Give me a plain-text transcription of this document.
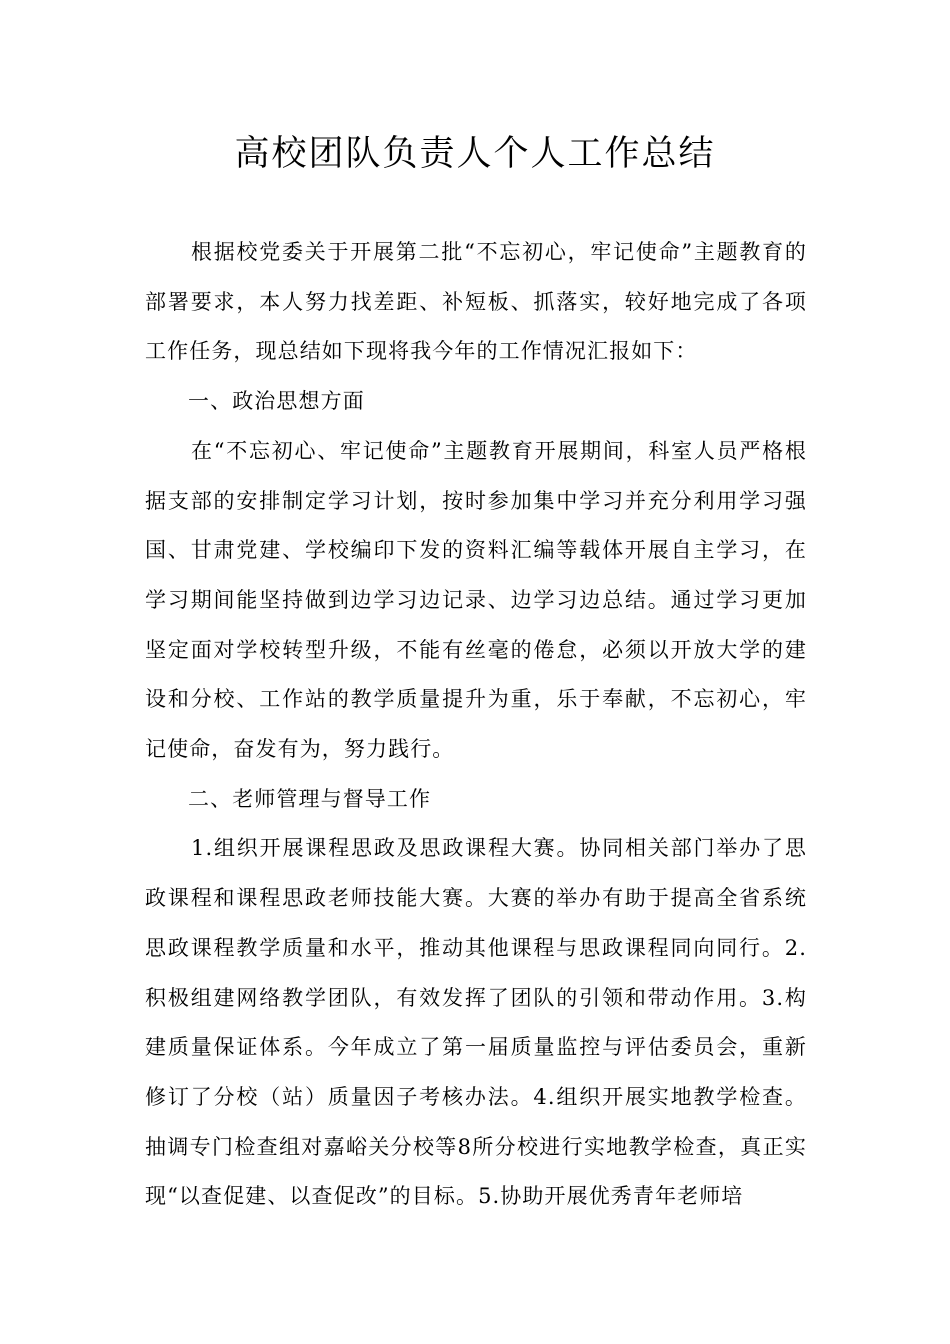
高校团队负责人个人工作总结

根据校党委关于开展第二批“不忘初心，牢记使命”主题教育的部署要求，本人努力找差距、补短板、抓落实，较好地完成了各项工作任务，现总结如下现将我今年的工作情况汇报如下：

一、政治思想方面

在“不忘初心、牢记使命”主题教育开展期间，科室人员严格根据支部的安排制定学习计划，按时参加集中学习并充分利用学习强国、甘肃党建、学校编印下发的资料汇编等载体开展自主学习，在学习期间能坚持做到边学习边记录、边学习边总结。通过学习更加坚定面对学校转型升级，不能有丝毫的倦怠，必须以开放大学的建设和分校、工作站的教学质量提升为重，乐于奉献，不忘初心，牢记使命，奋发有为，努力践行。

二、老师管理与督导工作

1.组织开展课程思政及思政课程大赛。协同相关部门举办了思政课程和课程思政老师技能大赛。大赛的举办有助于提高全省系统思政课程教学质量和水平，推动其他课程与思政课程同向同行。2.积极组建网络教学团队，有效发挥了团队的引领和带动作用。3.构建质量保证体系。今年成立了第一届质量监控与评估委员会，重新修订了分校（站）质量因子考核办法。4.组织开展实地教学检查。抽调专门检查组对嘉峪关分校等8所分校进行实地教学检查，真正实现“以查促建、以查促改”的目标。5.协助开展优秀青年老师培
